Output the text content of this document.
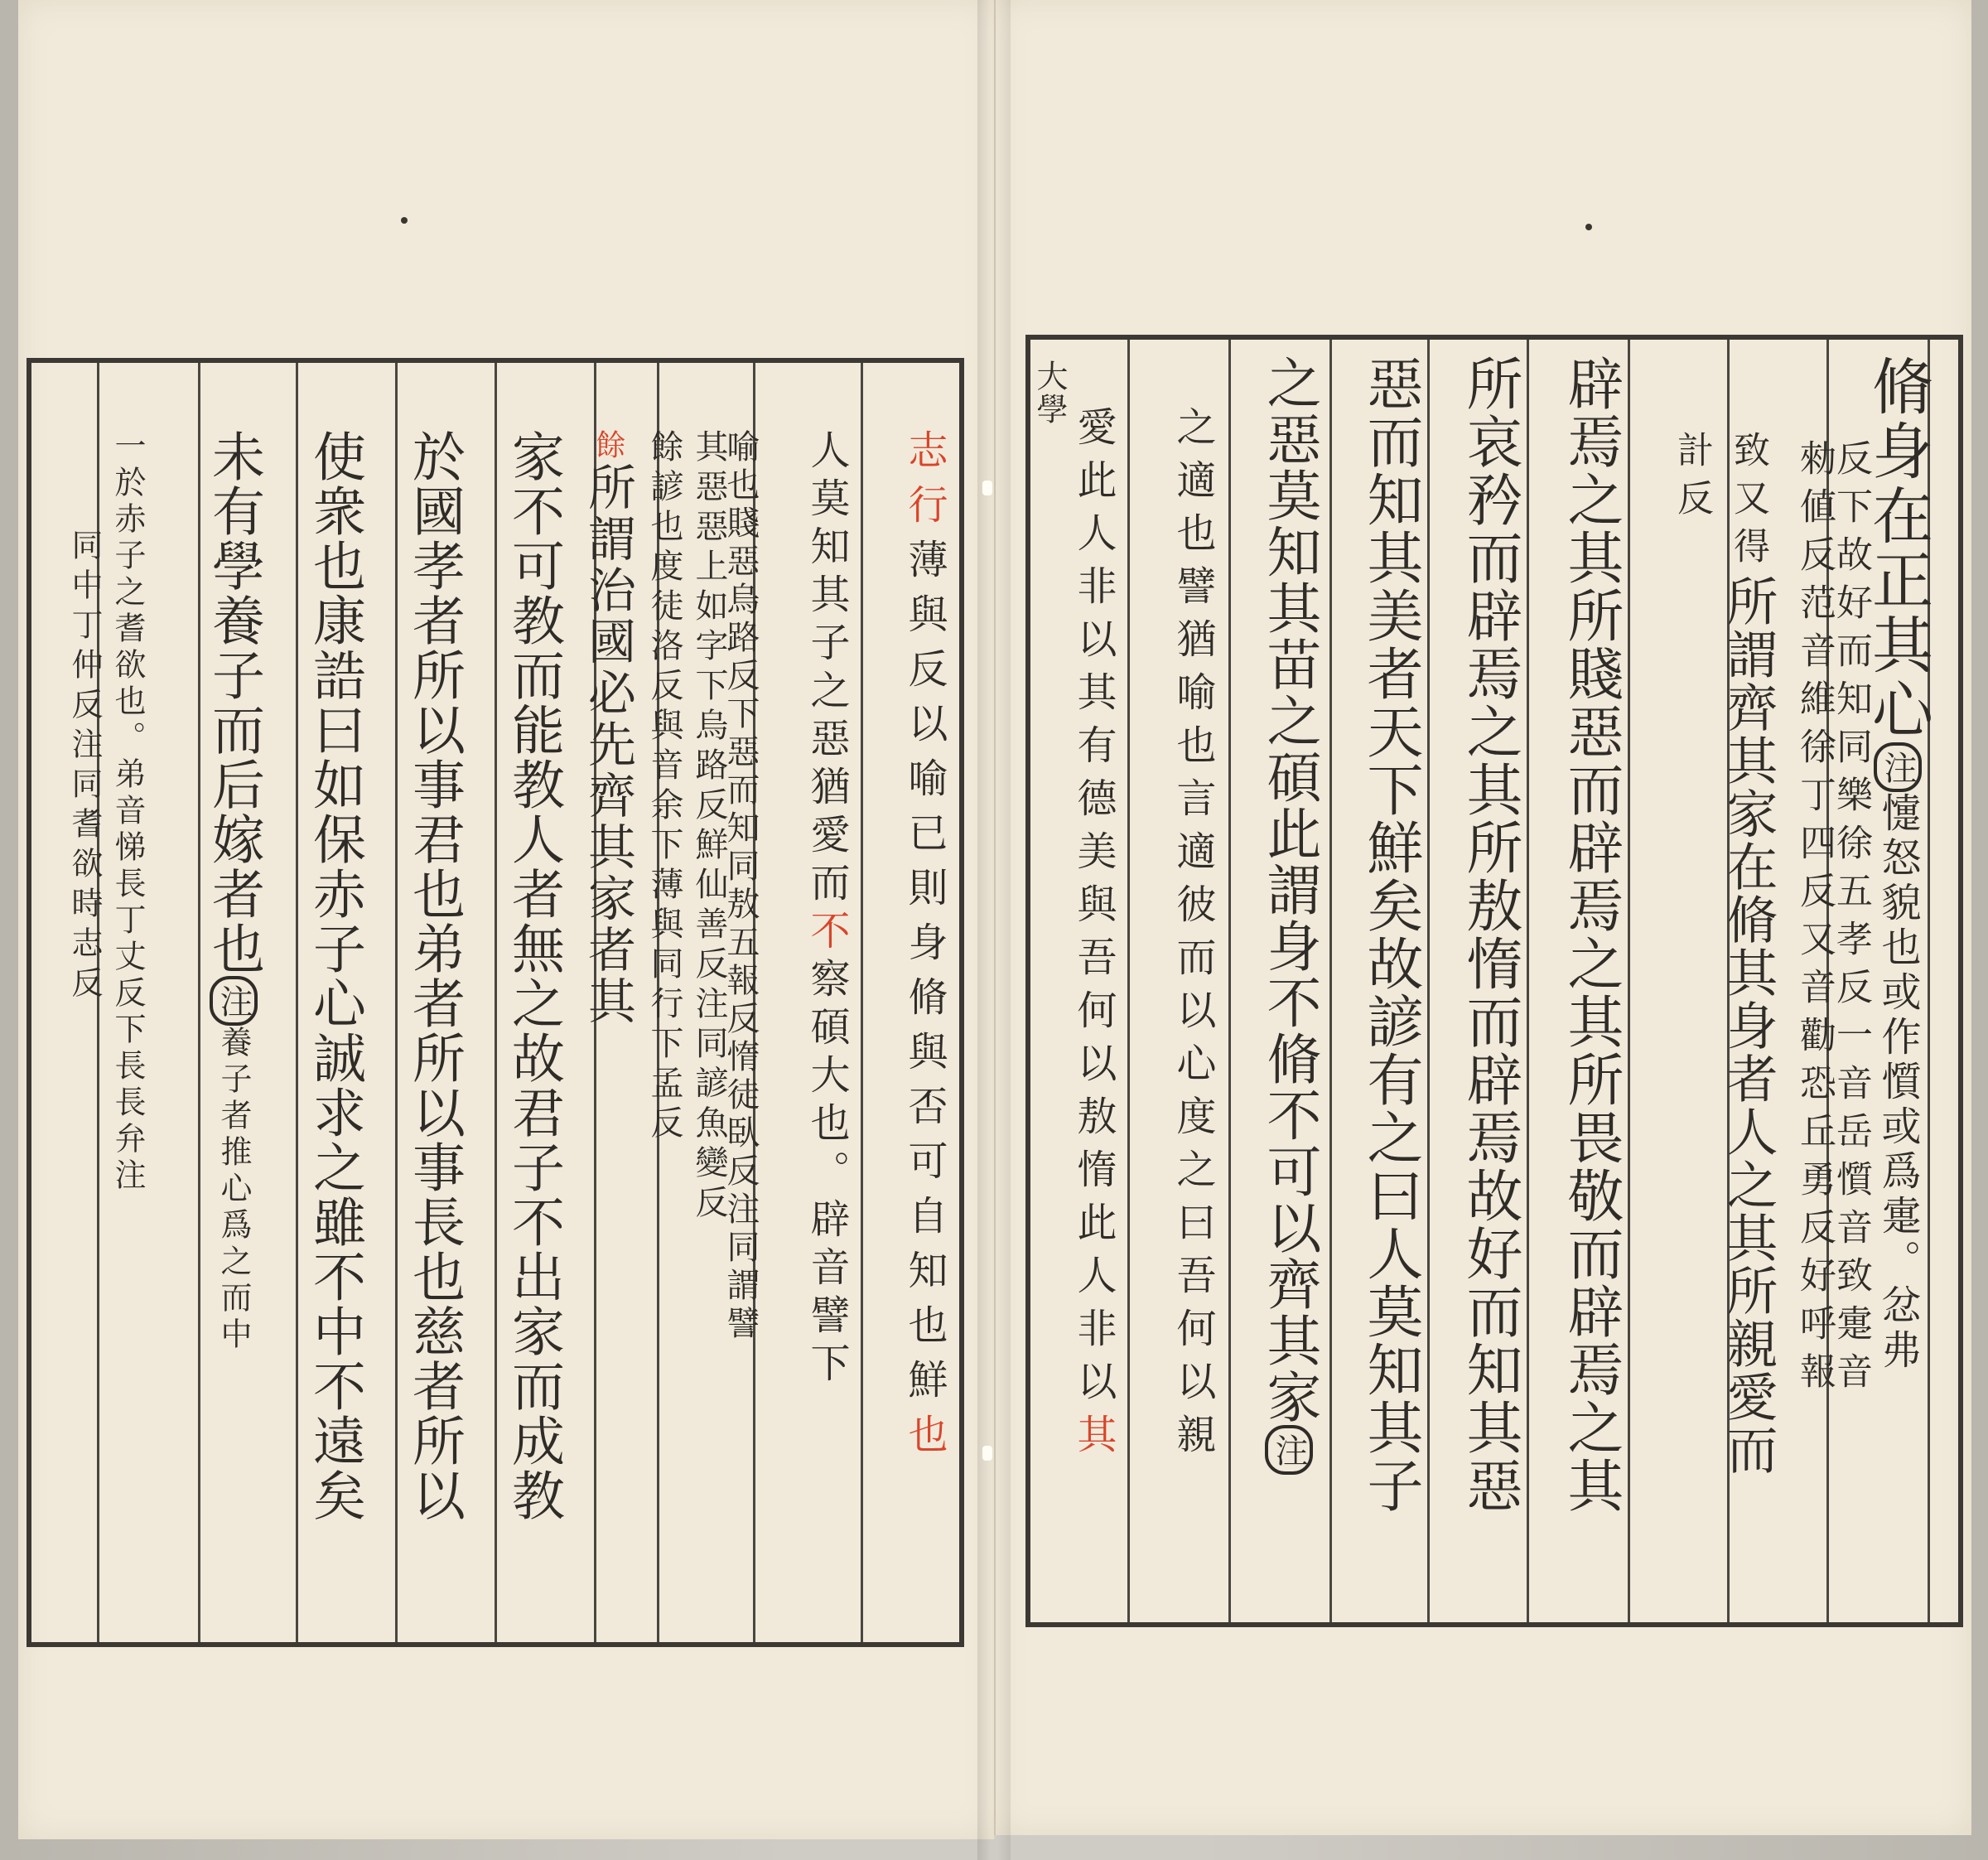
大學	脩身在正其心注懥怒貌也或作懫或爲疐。忿弗
勑値反范音維徐丁四反又音勸恐丘勇反好呼報
反下故好而知同樂徐五孝反一音岳懫音致疐音
致又得所謂齊其家在脩其身者人之其所親愛而
計反
辟焉之其所賤惡而辟焉之其所畏敬而辟焉之其
所哀矜而辟焉之其所敖惰而辟焉故好而知其惡
惡而知其美者天下鮮矣故諺有之曰人莫知其子
之惡莫知其苗之碩此謂身不脩不可以齊其家注
之適也譬猶喻也言適彼而以心度之曰吾何以親
愛此人非以其有德美與吾何以敖惰此人非以其
志行薄與反以喻已則身脩與否可自知也鮮也
人莫知其子之惡猶愛而不察碩大也。辟音譬下
喻也賤惡烏路反下惡而知同敖五報反惰徒臥反注同謂譬
其惡惡上如字下烏路反鮮仙善反注同諺魚變反
餘諺也度徒洛反與音余下薄與同行下孟反
餘所謂治國必先齊其家者其
家不可教而能教人者無之故君子不出家而成教
於國孝者所以事君也弟者所以事長也慈者所以
使衆也康誥曰如保赤子心誠求之雖不中不遠矣
未有學養子而后嫁者也注養子者推心爲之而中
一於赤子之耆欲也。弟音悌長丁丈反下長長弁注
同中丁仲反注同耆欲時志反
